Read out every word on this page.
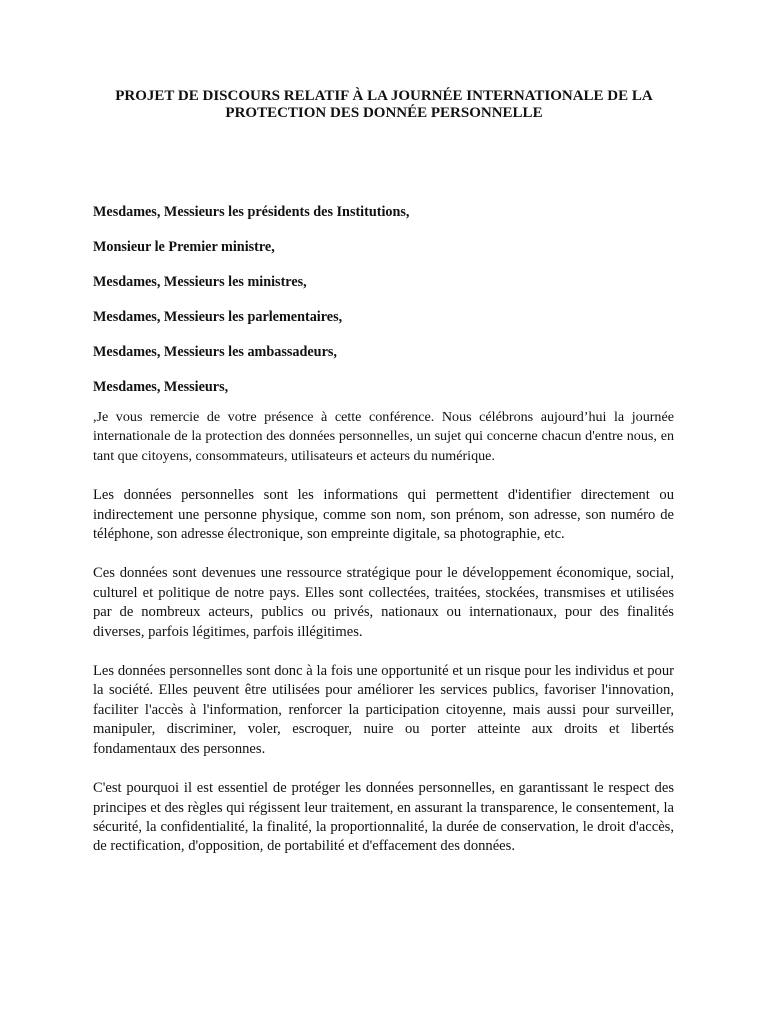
PROJET DE DISCOURS RELATIF À LA JOURNÉE INTERNATIONALE DE LA
PROTECTION DES DONNÉE PERSONNELLE

Mesdames, Messieurs les présidents des Institutions,

Monsieur le Premier ministre,

Mesdames, Messieurs les ministres,

Mesdames, Messieurs les parlementaires,

Mesdames, Messieurs les ambassadeurs,

Mesdames, Messieurs,

,Je vous remercie de votre présence à cette conférence. Nous célébrons aujourd’hui la journée internationale de la protection des données personnelles, un sujet qui concerne chacun d'entre nous, en tant que citoyens, consommateurs, utilisateurs et acteurs du numérique.

Les données personnelles sont les informations qui permettent d'identifier directement ou indirectement une personne physique, comme son nom, son prénom, son adresse, son numéro de téléphone, son adresse électronique, son empreinte digitale, sa photographie, etc.

Ces données sont devenues une ressource stratégique pour le développement économique, social, culturel et politique de notre pays. Elles sont collectées, traitées, stockées, transmises et utilisées par de nombreux acteurs, publics ou privés, nationaux ou internationaux, pour des finalités diverses, parfois légitimes, parfois illégitimes.

Les données personnelles sont donc à la fois une opportunité et un risque pour les individus et pour la société. Elles peuvent être utilisées pour améliorer les services publics, favoriser l'innovation, faciliter l'accès à l'information, renforcer la participation citoyenne, mais aussi pour surveiller, manipuler, discriminer, voler, escroquer, nuire ou porter atteinte aux droits et libertés fondamentaux des personnes.

C'est pourquoi il est essentiel de protéger les données personnelles, en garantissant le respect des principes et des règles qui régissent leur traitement, en assurant la transparence, le consentement, la sécurité, la confidentialité, la finalité, la proportionnalité, la durée de conservation, le droit d'accès, de rectification, d'opposition, de portabilité et d'effacement des données.
